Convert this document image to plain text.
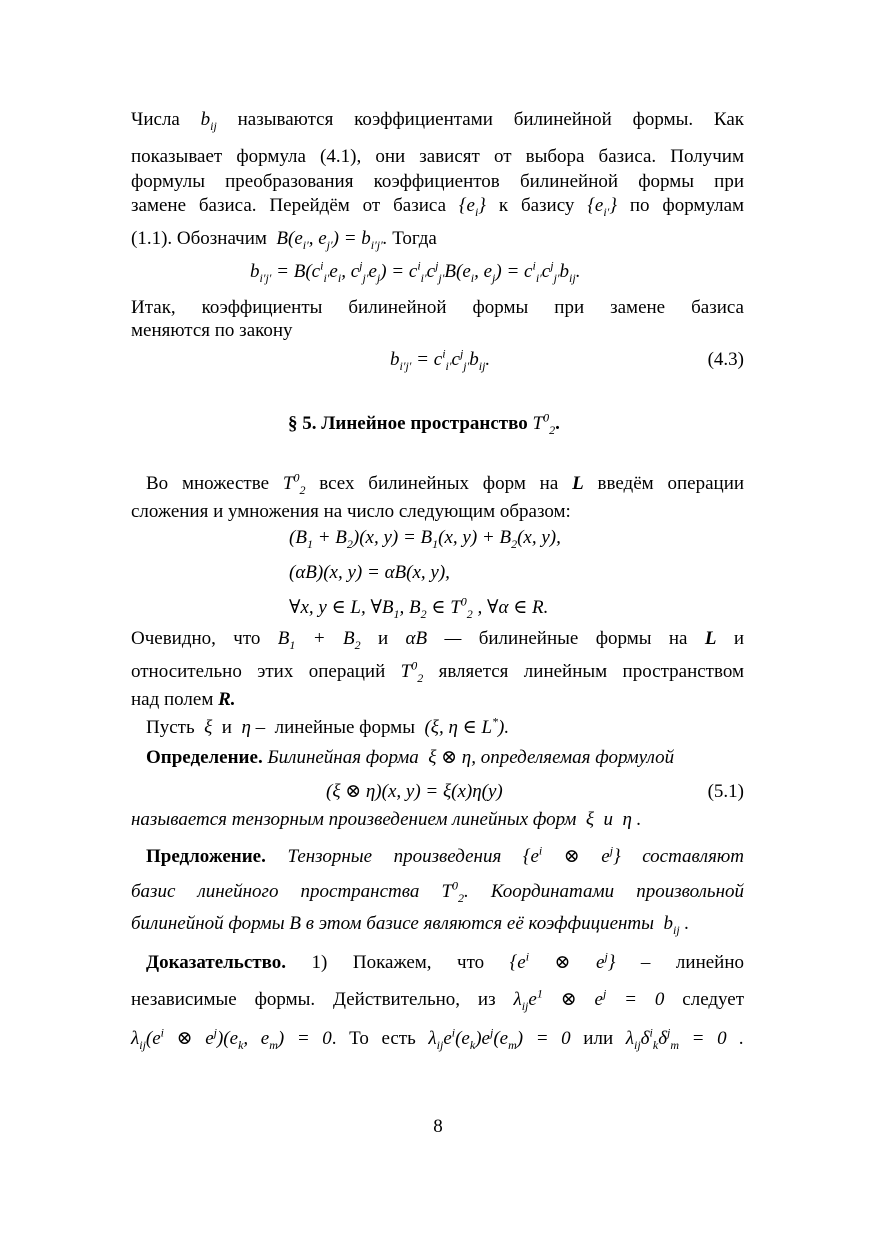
Числа $b_{ij}$ называются коэффициентами билинейной формы. Как
показывает формула (4.1), они зависят от выбора базиса. Получим
формулы преобразования коэффициентов билинейной формы при
замене базиса. Перейдём от базиса $\{e_i\}$ к базису $\{e_{i'}\}$ по формулам
(1.1). Обозначим  $B(e_{i'}$, $e_{j'}) = b_{i'j'}$. Тогда
$b_{i'j'} = B(c^i_{i'}e_i$, $c^j_{j'}e_j) = c^i_{i'}c^j_{j'}B(e_i$, $e_j) = c^i_{i'}c^j_{j'}b_{ij}$.
Итак, коэффициенты билинейной формы при замене базиса
меняются по закону
$b_{i'j'} = c^i_{i'}c^j_{j'}b_{ij}$.	(4.3)
§ 5. Линейное пространство $T^0_2$.
Во множестве $T^0_2$ всех билинейных форм на L введём операции
сложения и умножения на число следующим образом:
$(B_1 + B_2)(x$, $y) = B_1(x$, $y) + B_2(x$, y),
(αB)(x, y) = αB(x, y),
∀x, y ∈ L, $\forall B_1$, $B_2$ ∈ $T^0_2$ , ∀α ∈ R.
Очевидно, что $B_1 + B_2$ и αB — билинейные формы на L и
относительно этих операций $T^0_2$ является линейным пространством
над полем R.
Пусть  ξ  и  η –  линейные формы  (ξ, η ∈ L*).
Определение. Билинейная форма  ξ ⊗ η, определяемая формулой
(ξ ⊗ η)(x, y) = ξ(x)η(y)	(5.1)
называется тензорным произведением линейных форм  ξ  и  η .
Предложение. Тензорные произведения {$e^i$ ⊗ $e^j$} составляют
базис линейного пространства $T^0_2$. Координатами произвольной
билинейной формы B в этом базисе являются её коэффициенты  $b_{ij}$ .
Доказательство. 1) Покажем, что {$e^i$ ⊗ $e^j$} – линейно
независимые формы. Действительно, из $\lambda_{ij}e^1$ ⊗ $e^j = 0$ следует
$\lambda_{ij}(e^i$ ⊗ $e^j)(e_k$, $e_m) = 0$. То есть $\lambda_{ij}e^i(e_k)e^j(e_m) = 0$ или $\lambda_{ij}\delta^i_k\delta^j_m = 0$ .
8
